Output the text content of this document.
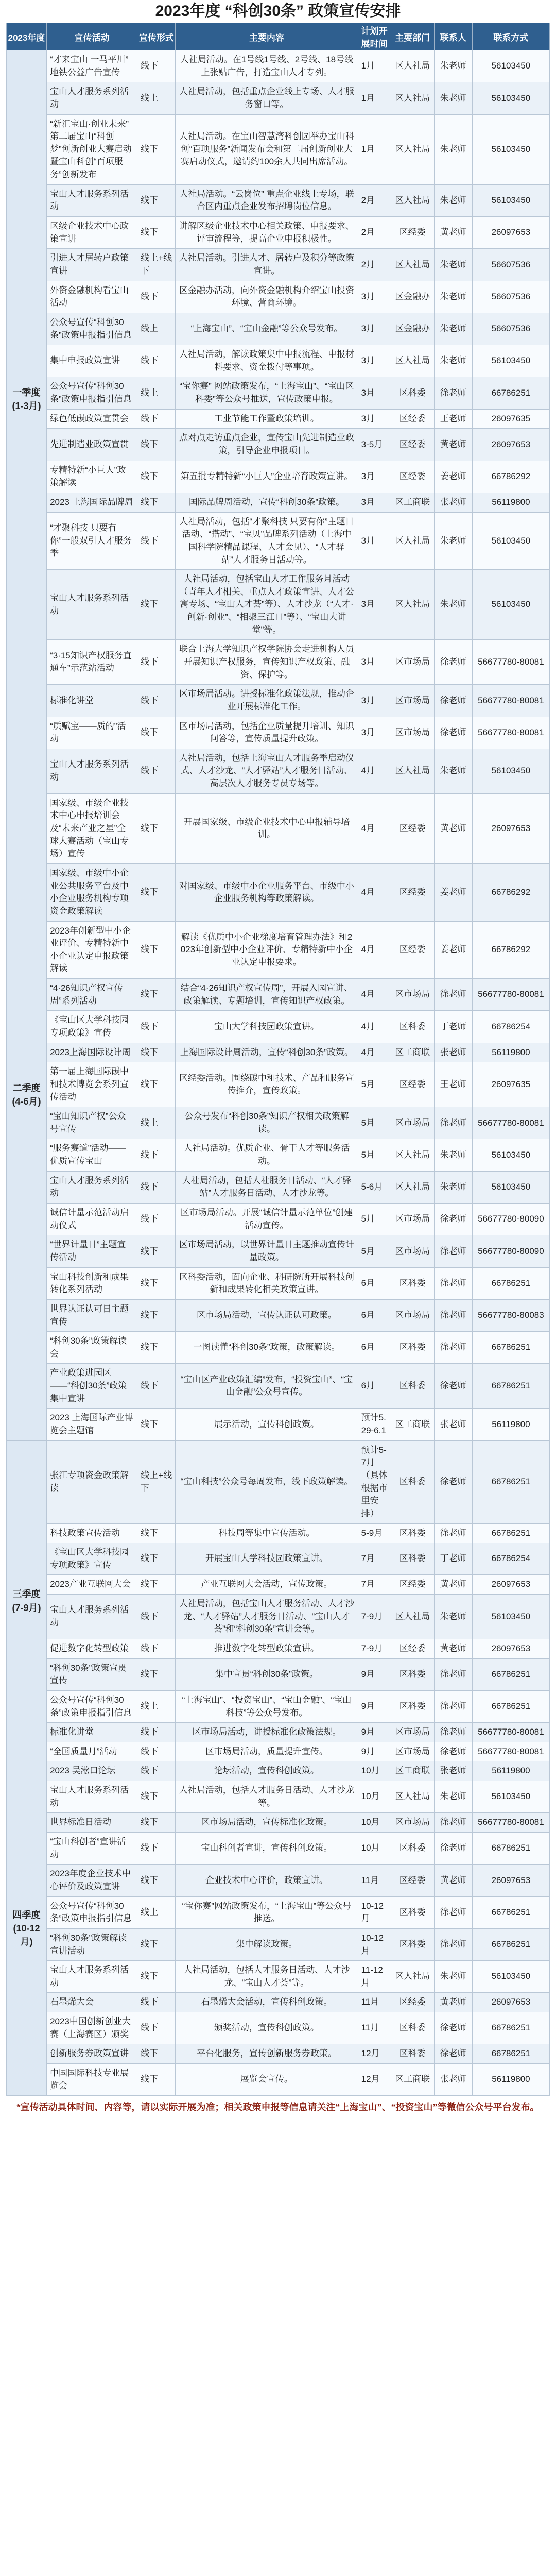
2023年度 “科创30条” 政策宣传安排
2023年度	宣传活动	宣传形式	主要内容	计划开展时间	主要部门	联系人	联系方式
一季度
(1-3月)	“才来宝山 一马平川” 地铁公益广告宣传	线下	人社局活动。在1号线1号线、2号线、18号线上张贴广告，打造宝山人才专列。	1月	区人社局	朱老师	56103450
	宝山人才服务系列活动	线上	人社局活动，包括重点企业线上专场、人才服务窗口等。	1月	区人社局	朱老师	56103450
	“新汇宝山·创业未来” 第二届宝山“科创梦”创新创业大赛启动暨宝山科创“百项服务”创新发布	线下	人社局活动。在宝山智慧湾科创园举办宝山科创“百项服务”新闻发布会和第二届创新创业大赛启动仪式，邀请约100余人共同出席活动。	1月	区人社局	朱老师	56103450
	宝山人才服务系列活动	线下	人社局活动。“云岗位” 重点企业线上专场，联合区内重点企业发布招聘岗位信息。	2月	区人社局	朱老师	56103450
	区级企业技术中心政策宣讲	线下	讲解区级企业技术中心相关政策、申报要求、评审流程等，提高企业申报积极性。	2月	区经委	黄老师	26097653
	引进人才居转户政策宣讲	线上+线下	人社局活动。引进人才、居转户及积分等政策宣讲。	2月	区人社局	朱老师	56607536
	外资金融机构看宝山活动	线下	区金融办活动，向外资金融机构介绍宝山投资环境、营商环境。	3月	区金融办	朱老师	56607536
	公众号宣传“科创30条”政策申报指引信息	线上	“上海宝山”、“宝山金融”等公众号发布。	3月	区金融办	朱老师	56607536
	集中申报政策宣讲	线下	人社局活动，解读政策集中申报流程、申报材料要求、资金拨付等事项。	3月	区人社局	朱老师	56103450
	公众号宣传“科创30条”政策申报指引信息	线上	“宝你赛” 网站政策发布，“上海宝山”、“宝山区科委”等公众号推送，宣传政策申报。	3月	区科委	徐老师	66786251
	绿色低碳政策宣贯会	线下	工业节能工作暨政策培训。	3月	区经委	王老师	26097635
	先进制造业政策宣贯	线下	点对点走访重点企业，宣传宝山先进制造业政策，引导企业申报项目。	3-5月	区经委	黄老师	26097653
	专精特新“小巨人”政策解读	线下	第五批专精特新“小巨人”企业培育政策宣讲。	3月	区经委	姜老师	66786292
	2023 上海国际品牌周	线下	国际品牌周活动，宣传“科创30条”政策。	3月	区工商联	张老师	56119800
	“才聚科技 只要有你”一般双引人才服务季	线下	人社局活动，包括“才聚科技 只要有你”主题日活动、“搭动”、“宝贝”品牌系列活动（上海中国科学院精品课程、人才会见）、“人才驿站”人才服务日活动等。	3月	区人社局	朱老师	56103450
	宝山人才服务系列活动	线下	人社局活动，包括宝山人才工作服务月活动（青年人才相关、重点人才政策宣讲、人才公寓专场、“宝山人才荟”等）、人才沙龙（“人才·创新·创业”、“相聚三江口”等）、“宝山大讲堂”等。	3月	区人社局	朱老师	56103450
	“3·15知识产权服务直通车”示范站活动	线下	联合上海大学知识产权学院协会走进机构人员开展知识产权服务，宣传知识产权政策、融资、保护等。	3月	区市场局	徐老师	56677780-80081
	标准化讲堂	线下	区市场局活动。讲授标准化政策法规，推动企业开展标准化工作。	3月	区市场局	徐老师	56677780-80081
	“质赋宝——质的”活动	线下	区市场局活动，包括企业质量提升培训、知识问答等，宣传质量提升政策。	3月	区市场局	徐老师	56677780-80081
二季度
(4-6月)	宝山人才服务系列活动	线下	人社局活动，包括上海宝山人才服务季启动仪式、人才沙龙、“人才驿站”人才服务日活动、高层次人才服务专员专场等。	4月	区人社局	朱老师	56103450
	国家级、市级企业技术中心申报培训会及“未来产业之星”全球大赛活动（宝山专场）宣传	线下	开展国家级、市级企业技术中心申报辅导培训。	4月	区经委	黄老师	26097653
	国家级、市级中小企业公共服务平台及中小企业服务机构专项资金政策解读	线下	对国家级、市级中小企业服务平台、市级中小企业服务机构等政策解读。	4月	区经委	姜老师	66786292
	2023年创新型中小企业评价、专精特新中小企业认定申报政策解读	线下	解读《优质中小企业梯度培育管理办法》和2023年创新型中小企业评价、专精特新中小企业认定申报要求。	4月	区经委	姜老师	66786292
	“4·26知识产权宣传周”系列活动	线下	结合“4·26知识产权宣传周”，开展入园宣讲、政策解读、专题培训，宣传知识产权政策。	4月	区市场局	徐老师	56677780-80081
	《宝山区大学科技园专项政策》宣传	线下	宝山大学科技园政策宣讲。	4月	区科委	丁老师	66786254
	2023上海国际设计周	线下	上海国际设计周活动，宣传“科创30条”政策。	4月	区工商联	张老师	56119800
	第一届上海国际碳中和技术博览会系列宣传活动	线下	区经委活动。围绕碳中和技术、产品和服务宣传推介，宣传政策。	5月	区经委	王老师	26097635
	“宝山知识产权”公众号宣传	线上	公众号发布“科创30条”知识产权相关政策解读。	5月	区市场局	徐老师	56677780-80081
	“服务赛道”活动——优质宣传宝山	线下	人社局活动。优质企业、骨干人才等服务活动。	5月	区人社局	朱老师	56103450
	宝山人才服务系列活动	线下	人社局活动，包括人社服务日活动、“人才驿站”人才服务日活动、人才沙龙等。	5-6月	区人社局	朱老师	56103450
	诚信计量示范活动启动仪式	线下	区市场局活动。开展“诚信计量示范单位”创建活动宣传。	5月	区市场局	徐老师	56677780-80090
	“世界计量日”主题宣传活动	线下	区市场局活动，以世界计量日主题推动宣传计量政策。	5月	区市场局	徐老师	56677780-80090
	宝山科技创新和成果转化系列活动	线下	区科委活动，面向企业、科研院所开展科技创新和成果转化相关政策宣讲。	6月	区科委	徐老师	66786251
	世界认证认可日主题宣传	线下	区市场局活动，宣传认证认可政策。	6月	区市场局	徐老师	56677780-80083
	“科创30条”政策解读会	线下	一图读懂“科创30条”政策，政策解读。	6月	区科委	徐老师	66786251
	产业政策进园区——“科创30条”政策集中宣讲	线下	“宝山区产业政策汇编”发布，“投资宝山”、“宝山金融”公众号宣传。	6月	区科委	徐老师	66786251
	2023 上海国际产业博览会主题馆	线下	展示活动，宣传科创政策。	预计5.29-6.1	区工商联	张老师	56119800
三季度
(7-9月)	张江专项资金政策解读	线上+线下	“宝山科技”公众号每周发布，线下政策解读。	预计5-7月（具体根据市里安排）	区科委	徐老师	66786251
	科技政策宣传活动	线下	科技周等集中宣传活动。	5-9月	区科委	徐老师	66786251
	《宝山区大学科技园专项政策》宣传	线下	开展宝山大学科技园政策宣讲。	7月	区科委	丁老师	66786254
	2023产业互联网大会	线下	产业互联网大会活动，宣传政策。	7月	区经委	黄老师	26097653
	宝山人才服务系列活动	线下	人社局活动，包括宝山人才服务活动、人才沙龙、“人才驿站”人才服务日活动、“宝山人才荟”和“科创30条”宣讲会等。	7-9月	区人社局	朱老师	56103450
	促进数字化转型政策	线下	推进数字化转型政策宣讲。	7-9月	区经委	黄老师	26097653
	“科创30条”政策宣贯宣传	线下	集中宣贯“科创30条”政策。	9月	区科委	徐老师	66786251
	公众号宣传“科创30条”政策申报指引信息	线上	“上海宝山”、“投资宝山”、“宝山金融”、“宝山科技”等公众号发布。	9月	区科委	徐老师	66786251
	标准化讲堂	线下	区市场局活动，讲授标准化政策法规。	9月	区市场局	徐老师	56677780-80081
	“全国质量月”活动	线下	区市场局活动，质量提升宣传。	9月	区市场局	徐老师	56677780-80081
四季度
(10-12月)	2023 吴淞口论坛	线下	论坛活动，宣传科创政策。	10月	区工商联	张老师	56119800
	宝山人才服务系列活动	线下	人社局活动，包括人才服务日活动、人才沙龙等。	10月	区人社局	朱老师	56103450
	世界标准日活动	线下	区市场局活动，宣传标准化政策。	10月	区市场局	徐老师	56677780-80081
	“宝山科创者”宣讲活动	线下	宝山科创者宣讲，宣传科创政策。	10月	区科委	徐老师	66786251
	2023年度企业技术中心评价及政策宣讲	线下	企业技术中心评价，政策宣讲。	11月	区经委	黄老师	26097653
	公众号宣传“科创30条”政策申报指引信息	线上	“宝你赛”网站政策发布，“上海宝山”等公众号推送。	10-12月	区科委	徐老师	66786251
	“科创30条”政策解读宣讲活动	线下	集中解读政策。	10-12月	区科委	徐老师	66786251
	宝山人才服务系列活动	线下	人社局活动，包括人才服务日活动、人才沙龙、“宝山人才荟”等。	11-12月	区人社局	朱老师	56103450
	石墨烯大会	线下	石墨烯大会活动，宣传科创政策。	11月	区经委	黄老师	26097653
	2023中国创新创业大赛（上海赛区）颁奖	线下	颁奖活动，宣传科创政策。	11月	区科委	徐老师	66786251
	创新服务券政策宣讲	线下	平台化服务，宣传创新服务券政策。	12月	区科委	徐老师	66786251
	中国国际科技专业展览会	线下	展览会宣传。	12月	区工商联	张老师	56119800
*宣传活动具体时间、内容等，请以实际开展为准；相关政策申报等信息请关注“上海宝山”、“投资宝山”等微信公众号平台发布。
